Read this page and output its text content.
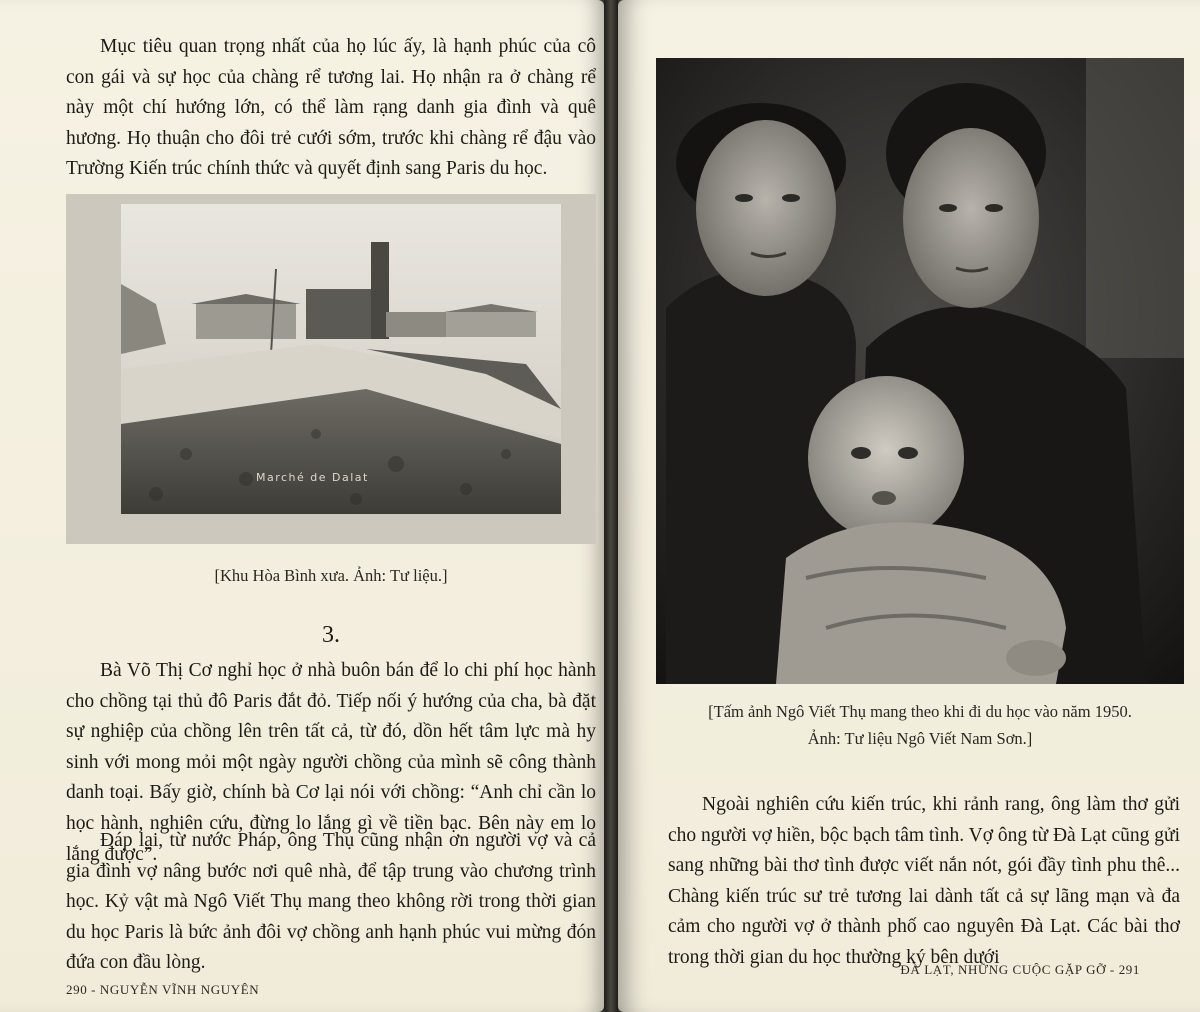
Mục tiêu quan trọng nhất của họ lúc ấy, là hạnh phúc của cô con gái và sự học của chàng rể tương lai. Họ nhận ra ở chàng rể này một chí hướng lớn, có thể làm rạng danh gia đình và quê hương. Họ thuận cho đôi trẻ cưới sớm, trước khi chàng rể đậu vào Trường Kiến trúc chính thức và quyết định sang Paris du học.

Marché de Dalat

[Khu Hòa Bình xưa. Ảnh: Tư liệu.]

3.

Bà Võ Thị Cơ nghỉ học ở nhà buôn bán để lo chi phí học hành cho chồng tại thủ đô Paris đắt đỏ. Tiếp nối ý hướng của cha, bà đặt sự nghiệp của chồng lên trên tất cả, từ đó, dồn hết tâm lực mà hy sinh với mong mỏi một ngày người chồng của mình sẽ công thành danh toại. Bấy giờ, chính bà Cơ lại nói với chồng: “Anh chỉ cần lo học hành, nghiên cứu, đừng lo lắng gì về tiền bạc. Bên này em lo lắng được”.

Đáp lại, từ nước Pháp, ông Thụ cũng nhận ơn người vợ và cả gia đình vợ nâng bước nơi quê nhà, để tập trung vào chương trình học. Kỷ vật mà Ngô Viết Thụ mang theo không rời trong thời gian du học Paris là bức ảnh đôi vợ chồng anh hạnh phúc vui mừng đón đứa con đầu lòng.

290 - NGUYỄN VĨNH NGUYÊN

[Tấm ảnh Ngô Viết Thụ mang theo khi đi du học vào năm 1950.
Ảnh: Tư liệu Ngô Viết Nam Sơn.]

Ngoài nghiên cứu kiến trúc, khi rảnh rang, ông làm thơ gửi cho người vợ hiền, bộc bạch tâm tình. Vợ ông từ Đà Lạt cũng gửi sang những bài thơ tình được viết nắn nót, gói đầy tình phu thê... Chàng kiến trúc sư trẻ tương lai dành tất cả sự lãng mạn và đa cảm cho người vợ ở thành phố cao nguyên Đà Lạt. Các bài thơ trong thời gian du học thường ký bên dưới

ĐÀ LẠT, NHỮNG CUỘC GẶP GỠ - 291
